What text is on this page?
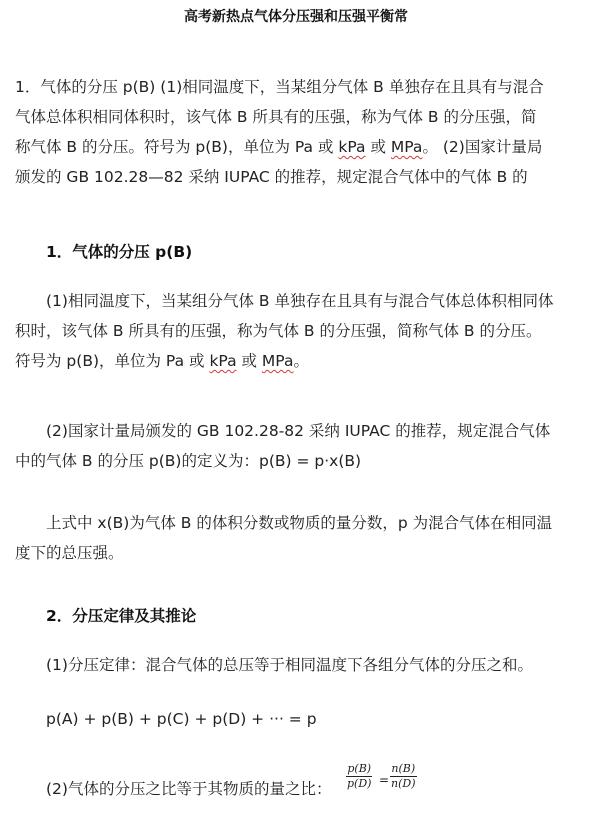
高考新热点气体分压强和压强平衡常
1．气体的分压 p(B) (1)相同温度下，当某组分气体 B 单独存在且具有与混合
气体总体积相同体积时，该气体 B 所具有的压强，称为气体 B 的分压强，简
称气体 B 的分压。符号为 p(B)，单位为 Pa 或 kPa 或 MPa。 (2)国家计量局
颁发的 GB 102.28—82 采纳 IUPAC 的推荐，规定混合气体中的气体 B 的
1．气体的分压 p(B)
(1)相同温度下，当某组分气体 B 单独存在且具有与混合气体总体积相同体
积时，该气体 B 所具有的压强，称为气体 B 的分压强，简称气体 B 的分压。
符号为 p(B)，单位为 Pa 或 kPa 或 MPa。
(2)国家计量局颁发的 GB 102.28-82 采纳 IUPAC 的推荐，规定混合气体
中的气体 B 的分压 p(B)的定义为：p(B) = p·x(B)
上式中 x(B)为气体 B 的体积分数或物质的量分数，p 为混合气体在相同温
度下的总压强。
2．分压定律及其推论
(1)分压定律：混合气体的总压等于相同温度下各组分气体的分压之和。
p(A) + p(B) + p(C) + p(D) + ··· = p
(2)气体的分压之比等于其物质的量之比：	$\frac{p(B)}{p(D)} = \frac{n(B)}{n(D)}$
